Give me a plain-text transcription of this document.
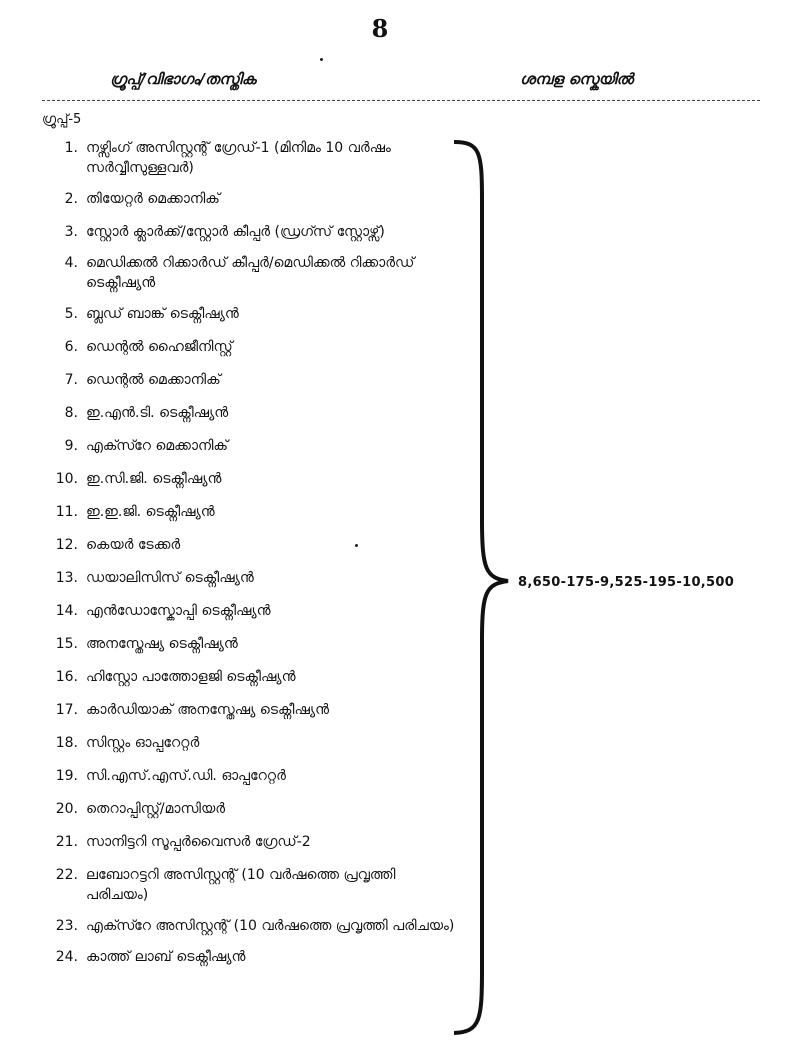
8
ഗ്രൂപ്പ്/വിഭാഗം/തസ്തിക	ശമ്പള സ്കെയിൽ
ഗ്രൂപ്പ്-5
1. നഴ്സിംഗ് അസിസ്റ്റന്റ് ഗ്രേഡ്-1 (മിനിമം 10 വർഷം സർവ്വീസുള്ളവർ)
2. തിയേറ്റർ മെക്കാനിക്
3. സ്റ്റോർ ക്ലാർക്ക്/സ്റ്റോർ കീപ്പർ (ഡ്രഗ്സ് സ്റ്റോഴ്സ്)
4. മെഡിക്കൽ റിക്കാർഡ് കീപ്പർ/മെഡിക്കൽ റിക്കാർഡ് ടെക്നീഷ്യൻ
5. ബ്ലഡ് ബാങ്ക് ടെക്നീഷ്യൻ
6. ഡെന്റൽ ഹൈജീനിസ്റ്റ്
7. ഡെന്റൽ മെക്കാനിക്
8. ഇ.എൻ.ടി. ടെക്നീഷ്യൻ
9. എക്സ്റേ മെക്കാനിക്
10. ഇ.സി.ജി. ടെക്നീഷ്യൻ
11. ഇ.ഇ.ജി. ടെക്നീഷ്യൻ
12. കെയർ ടേക്കർ
13. ഡയാലിസിസ് ടെക്നീഷ്യൻ
14. എൻഡോസ്കോപ്പി ടെക്നീഷ്യൻ
15. അനസ്തേഷ്യ ടെക്നീഷ്യൻ
16. ഹിസ്റ്റോ പാത്തോളജി ടെക്നീഷ്യൻ
17. കാർഡിയാക് അനസ്തേഷ്യ ടെക്നീഷ്യൻ
18. സിസ്റ്റം ഓപ്പറേറ്റർ
19. സി.എസ്.എസ്.ഡി. ഓപ്പറേറ്റർ
20. തെറാപ്പിസ്റ്റ്/മാസിയർ
21. സാനിട്ടറി സൂപ്പർവൈസർ ഗ്രേഡ്-2
22. ലബോറട്ടറി അസിസ്റ്റന്റ് (10 വർഷത്തെ പ്രവൃത്തി പരിചയം)
23. എക്സ്റേ അസിസ്റ്റന്റ് (10 വർഷത്തെ പ്രവൃത്തി പരിചയം)
24. കാത്ത് ലാബ് ടെക്നീഷ്യൻ
8,650-175-9,525-195-10,500
